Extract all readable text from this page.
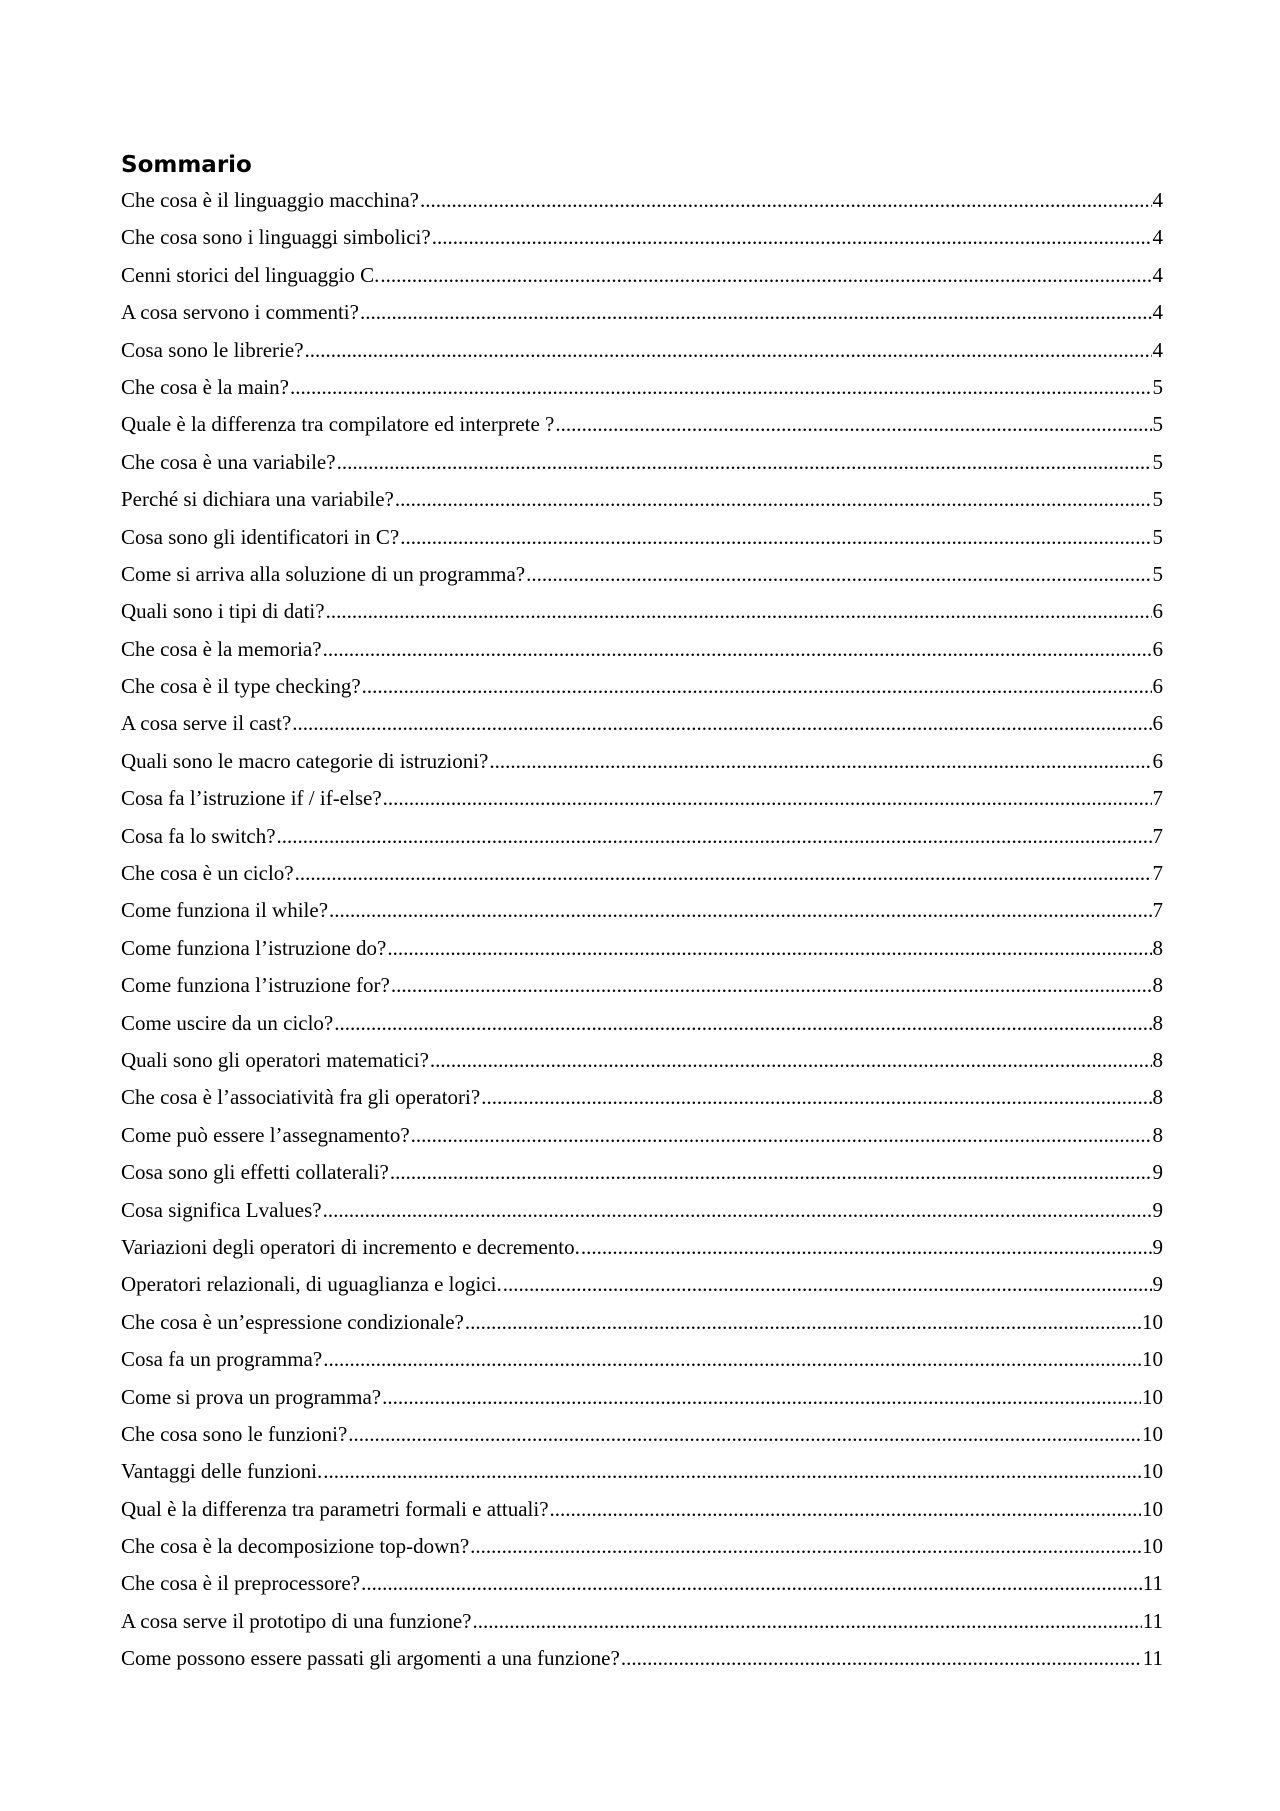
Sommario
Che cosa è il linguaggio macchina? .....	4
Che cosa sono i linguaggi simbolici? .....	4
Cenni storici del linguaggio C. .....	4
A cosa servono i commenti? .....	4
Cosa sono le librerie? .....	4
Che cosa è la main? .....	5
Quale è la differenza tra compilatore ed interprete ? .....	5
Che cosa è una variabile? .....	5
Perché si dichiara una variabile? .....	5
Cosa sono gli identificatori in C? .....	5
Come si arriva alla soluzione di un programma? .....	5
Quali sono i tipi di dati? .....	6
Che cosa è la memoria? .....	6
Che cosa è il type checking? .....	6
A cosa serve il cast? .....	6
Quali sono le macro categorie di istruzioni? .....	6
Cosa fa l’istruzione if / if-else? .....	7
Cosa fa lo switch? .....	7
Che cosa è un ciclo? .....	7
Come funziona il while? .....	7
Come funziona l’istruzione do? .....	8
Come funziona l’istruzione for? .....	8
Come uscire da un ciclo? .....	8
Quali sono gli operatori matematici? .....	8
Che cosa è l’associatività fra gli operatori? .....	8
Come può essere l’assegnamento? .....	8
Cosa sono gli effetti collaterali? .....	9
Cosa significa Lvalues? .....	9
Variazioni degli operatori di incremento e decremento. .....	9
Operatori relazionali, di uguaglianza e logici. .....	9
Che cosa è un’espressione condizionale? .....	10
Cosa fa un programma? .....	10
Come si prova un programma? .....	10
Che cosa sono le funzioni? .....	10
Vantaggi delle funzioni. .....	10
Qual è la differenza tra parametri formali e attuali? .....	10
Che cosa è la decomposizione top-down? .....	10
Che cosa è il preprocessore? .....	11
A cosa serve il prototipo di una funzione? .....	11
Come possono essere passati gli argomenti a una funzione? .....	11
